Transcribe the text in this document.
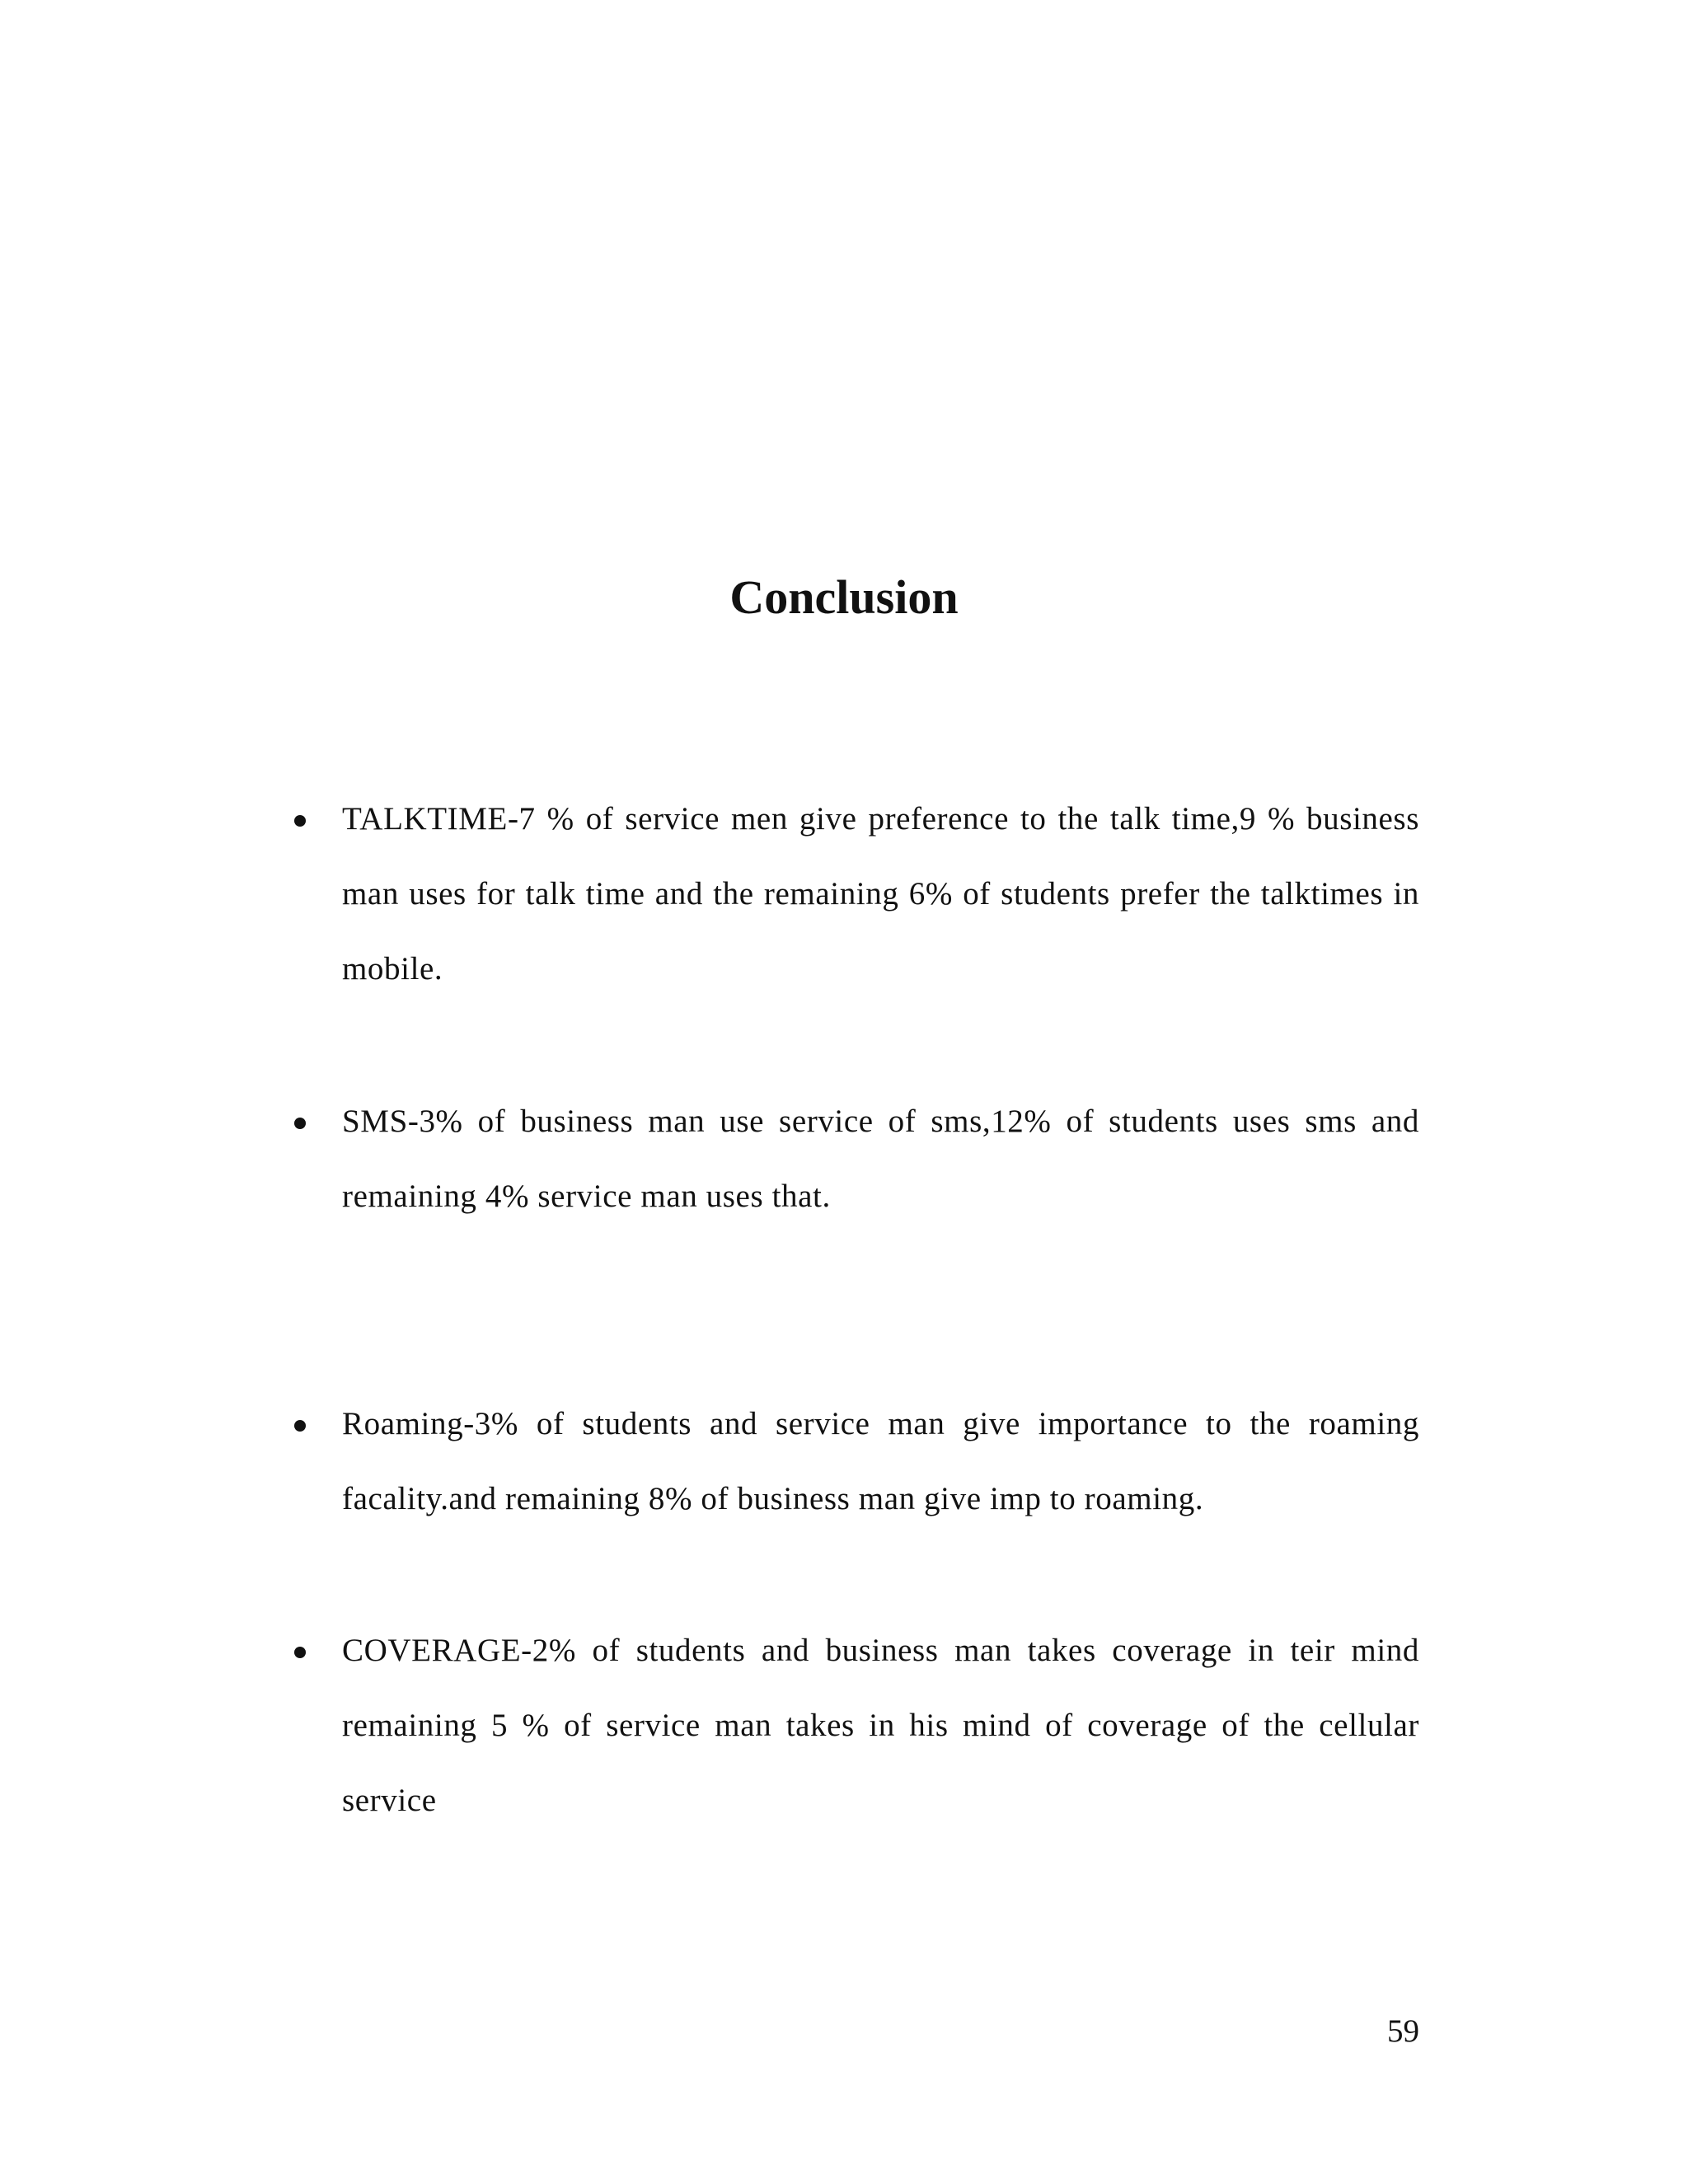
Conclusion

TALKTIME-7 % of service men give preference to the talk time,9 % business man uses for talk time and the remaining 6% of students prefer the talktimes in mobile.

SMS-3% of business man use service of sms,12% of students uses sms and remaining 4% service man uses that.

Roaming-3% of students and service man give importance to the roaming facality.and remaining 8% of business man give imp to roaming.

COVERAGE-2% of students and business man takes coverage in teir mind remaining 5 % of service man takes in his mind of coverage of the cellular service

59
